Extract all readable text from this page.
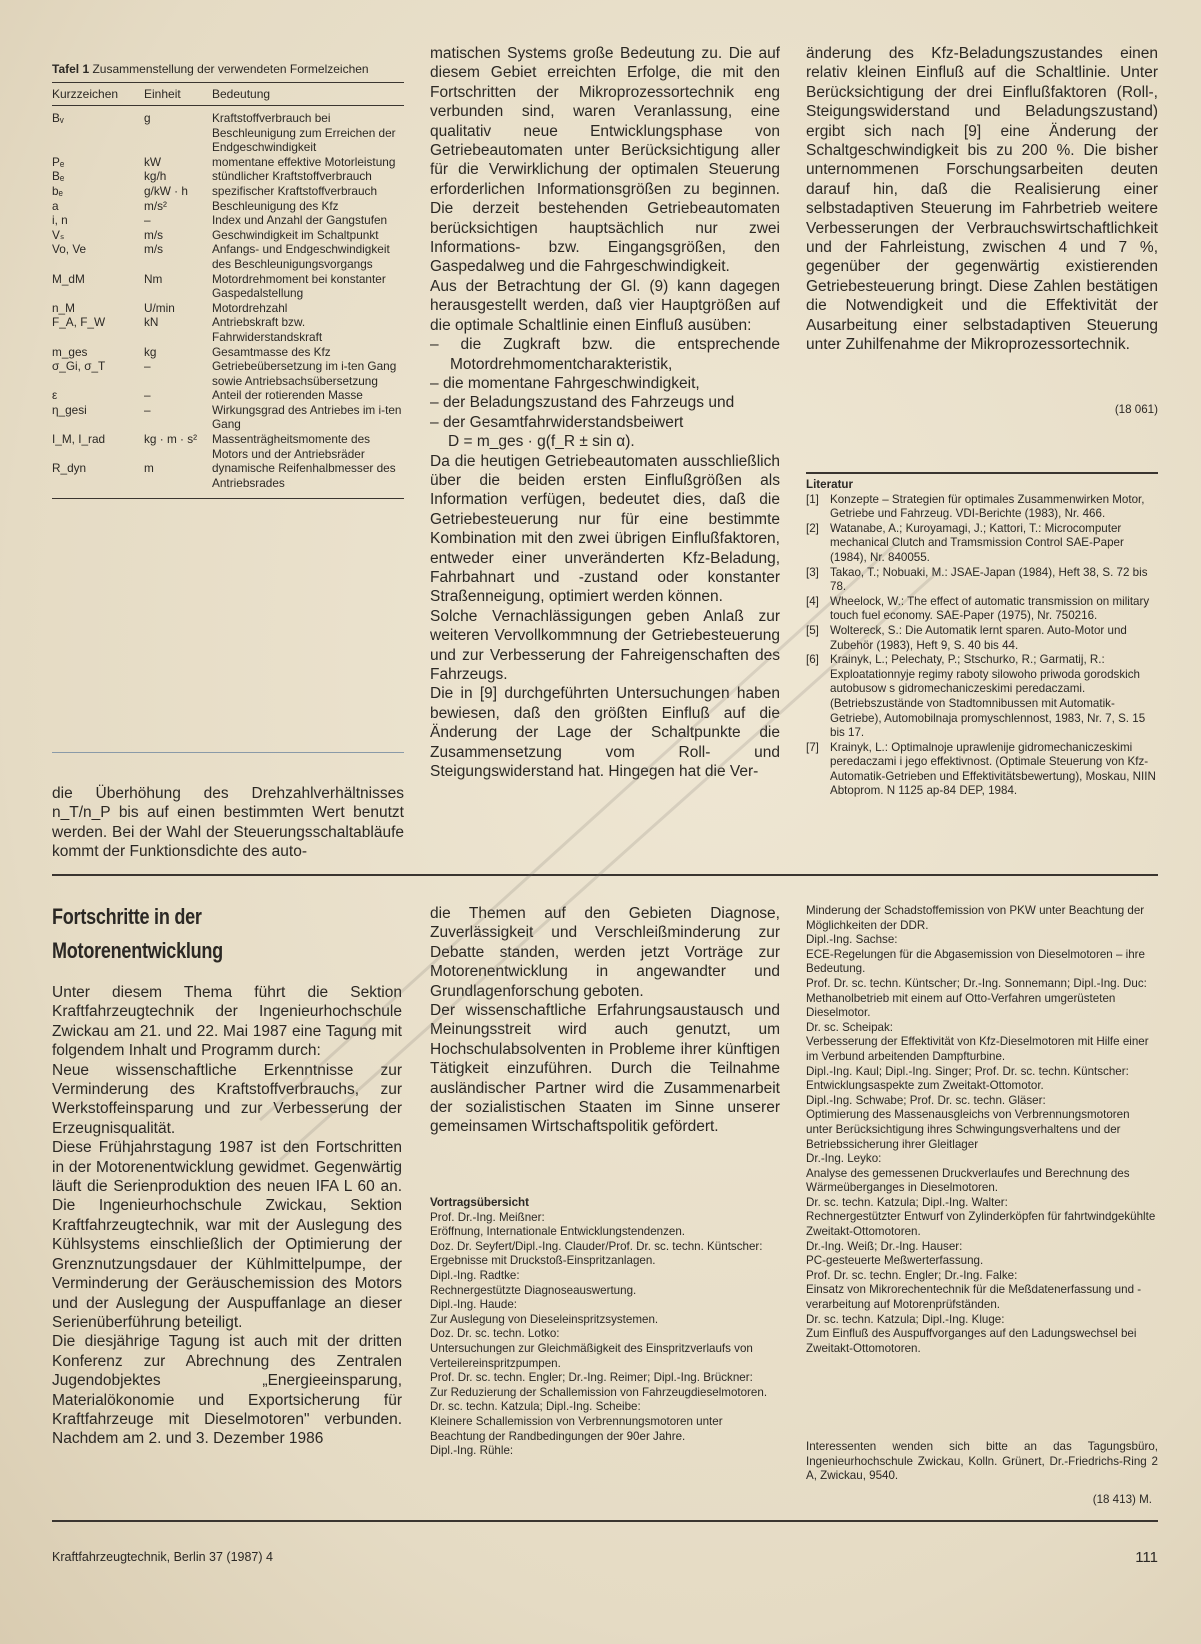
Tafel 1 Zusammenstellung der verwendeten Formelzeichen
Kurzzeichen	Einheit	Bedeutung
Bᵥ	g	Kraftstoffverbrauch bei Beschleunigung zum Erreichen der Endgeschwindigkeit
Pₑ	kW	momentane effektive Motorleistung
Bₑ	kg/h	stündlicher Kraftstoffverbrauch
bₑ	g/kW · h	spezifischer Kraftstoffverbrauch
a	m/s²	Beschleunigung des Kfz
i, n	–	Index und Anzahl der Gangstufen
Vₛ	m/s	Geschwindigkeit im Schaltpunkt
Vo, Ve	m/s	Anfangs- und Endgeschwindigkeit des Beschleunigungsvorgangs
M_dM	Nm	Motordrehmoment bei konstanter Gaspedalstellung
n_M	U/min	Motordrehzahl
F_A, F_W	kN	Antriebskraft bzw. Fahrwiderstandskraft
m_ges	kg	Gesamtmasse des Kfz
σ_Gi, σ_T	–	Getriebeübersetzung im i-ten Gang sowie Antriebsachsübersetzung
ε	–	Anteil der rotierenden Masse
η_gesi	–	Wirkungsgrad des Antriebes im i-ten Gang
I_M, I_rad	kg · m · s²	Massenträgheitsmomente des Motors und der Antriebsräder
R_dyn	m	dynamische Reifenhalbmesser des Antriebsrades
die Überhöhung des Drehzahlverhältnisses n_T/n_P bis auf einen bestimmten Wert benutzt werden. Bei der Wahl der Steuerungsschaltabläufe kommt der Funktionsdichte des auto-
matischen Systems große Bedeutung zu. Die auf diesem Gebiet erreichten Erfolge, die mit den Fortschritten der Mikroprozessortechnik eng verbunden sind, waren Veranlassung, eine qualitativ neue Entwicklungsphase von Getriebeautomaten unter Berücksichtigung aller für die Verwirklichung der optimalen Steuerung erforderlichen Informationsgrößen zu beginnen. Die derzeit bestehenden Getriebeautomaten berücksichtigen hauptsächlich nur zwei Informations- bzw. Eingangsgrößen, den Gaspedalweg und die Fahrgeschwindigkeit.
Aus der Betrachtung der Gl. (9) kann dagegen herausgestellt werden, daß vier Hauptgrößen auf die optimale Schaltlinie einen Einfluß ausüben:
– die Zugkraft bzw. die entsprechende Motordrehmomentcharakteristik,
– die momentane Fahrgeschwindigkeit,
– der Beladungszustand des Fahrzeugs und
– der Gesamtfahrwiderstandsbeiwert
D = m_ges · g(f_R ± sin α).
Da die heutigen Getriebeautomaten ausschließlich über die beiden ersten Einflußgrößen als Information verfügen, bedeutet dies, daß die Getriebesteuerung nur für eine bestimmte Kombination mit den zwei übrigen Einflußfaktoren, entweder einer unveränderten Kfz-Beladung, Fahrbahnart und -zustand oder konstanter Straßenneigung, optimiert werden können.
Solche Vernachlässigungen geben Anlaß zur weiteren Vervollkommnung der Getriebesteuerung und zur Verbesserung der Fahreigenschaften des Fahrzeugs.
Die in [9] durchgeführten Untersuchungen haben bewiesen, daß den größten Einfluß auf die Änderung der Lage der Schaltpunkte die Zusammensetzung vom Roll- und Steigungswiderstand hat. Hingegen hat die Ver-
änderung des Kfz-Beladungszustandes einen relativ kleinen Einfluß auf die Schaltlinie. Unter Berücksichtigung der drei Einflußfaktoren (Roll-, Steigungswiderstand und Beladungszustand) ergibt sich nach [9] eine Änderung der Schaltgeschwindigkeit bis zu 200 %. Die bisher unternommenen Forschungsarbeiten deuten darauf hin, daß die Realisierung einer selbstadaptiven Steuerung im Fahrbetrieb weitere Verbesserungen der Verbrauchswirtschaftlichkeit und der Fahrleistung, zwischen 4 und 7 %, gegenüber der gegenwärtig existierenden Getriebesteuerung bringt. Diese Zahlen bestätigen die Notwendigkeit und die Effektivität der Ausarbeitung einer selbstadaptiven Steuerung unter Zuhilfenahme der Mikroprozessortechnik.
(18 061)
Literatur
[1] Konzepte – Strategien für optimales Zusammenwirken Motor, Getriebe und Fahrzeug. VDI-Berichte (1983), Nr. 466.
[2] Watanabe, A.; Kuroyamagi, J.; Kattori, T.: Microcomputer mechanical Clutch and Tramsmission Control SAE-Paper (1984), Nr. 840055.
[3] Takao, T.; Nobuaki, M.: JSAE-Japan (1984), Heft 38, S. 72 bis 78.
[4] Wheelock, W.: The effect of automatic transmission on military touch fuel economy. SAE-Paper (1975), Nr. 750216.
[5] Woltereck, S.: Die Automatik lernt sparen. Auto-Motor und Zubehör (1983), Heft 9, S. 40 bis 44.
[6] Krainyk, L.; Pelechaty, P.; Stschurko, R.; Garmatij, R.: Exploatationnyje regimy raboty silowoho priwoda gorodskich autobusow s gidromechaniczeskimi peredaczami. (Betriebszustände von Stadtomnibussen mit Automatik-Getriebe), Automobilnaja promyschlennost, 1983, Nr. 7, S. 15 bis 17.
[7] Krainyk, L.: Optimalnoje uprawlenije gidromechaniczeskimi peredaczami i jego effektivnost. (Optimale Steuerung von Kfz-Automatik-Getrieben und Effektivitätsbewertung), Moskau, NIIN Abtoprom. N 1125 ap-84 DEP, 1984.
Fortschritte in der
Motorenentwicklung
Unter diesem Thema führt die Sektion Kraftfahrzeugtechnik der Ingenieurhochschule Zwickau am 21. und 22. Mai 1987 eine Tagung mit folgendem Inhalt und Programm durch:
Neue wissenschaftliche Erkenntnisse zur Verminderung des Kraftstoffverbrauchs, zur Werkstoffeinsparung und zur Verbesserung der Erzeugnisqualität.
Diese Frühjahrstagung 1987 ist den Fortschritten in der Motorenentwicklung gewidmet. Gegenwärtig läuft die Serienproduktion des neuen IFA L 60 an. Die Ingenieurhochschule Zwickau, Sektion Kraftfahrzeugtechnik, war mit der Auslegung des Kühlsystems einschließlich der Optimierung der Grenznutzungsdauer der Kühlmittelpumpe, der Verminderung der Geräuschemission des Motors und der Auslegung der Auspuffanlage an dieser Serienüberführung beteiligt.
Die diesjährige Tagung ist auch mit der dritten Konferenz zur Abrechnung des Zentralen Jugendobjektes „Energieeinsparung, Materialökonomie und Exportsicherung für Kraftfahrzeuge mit Dieselmotoren" verbunden. Nachdem am 2. und 3. Dezember 1986
die Themen auf den Gebieten Diagnose, Zuverlässigkeit und Verschleißminderung zur Debatte standen, werden jetzt Vorträge zur Motorenentwicklung in angewandter und Grundlagenforschung geboten.
Der wissenschaftliche Erfahrungsaustausch und Meinungsstreit wird auch genutzt, um Hochschulabsolventen in Probleme ihrer künftigen Tätigkeit einzuführen. Durch die Teilnahme ausländischer Partner wird die Zusammenarbeit der sozialistischen Staaten im Sinne unserer gemeinsamen Wirtschaftspolitik gefördert.
Vortragsübersicht
Prof. Dr.-Ing. Meißner:
Eröffnung, Internationale Entwicklungstendenzen.
Doz. Dr. Seyfert/Dipl.-Ing. Clauder/Prof. Dr. sc. techn. Küntscher: Ergebnisse mit Druckstoß-Einspritzanlagen.
Dipl.-Ing. Radtke:
Rechnergestützte Diagnoseauswertung.
Dipl.-Ing. Haude:
Zur Auslegung von Dieseleinspritzsystemen.
Doz. Dr. sc. techn. Lotko:
Untersuchungen zur Gleichmäßigkeit des Einspritzverlaufs von Verteilereinspritzpumpen.
Prof. Dr. sc. techn. Engler; Dr.-Ing. Reimer; Dipl.-Ing. Brückner:
Zur Reduzierung der Schallemission von Fahrzeugdieselmotoren.
Dr. sc. techn. Katzula; Dipl.-Ing. Scheibe:
Kleinere Schallemission von Verbrennungsmotoren unter Beachtung der Randbedingungen der 90er Jahre.
Dipl.-Ing. Rühle:
Minderung der Schadstoffemission von PKW unter Beachtung der Möglichkeiten der DDR.
Dipl.-Ing. Sachse:
ECE-Regelungen für die Abgasemission von Dieselmotoren – ihre Bedeutung.
Prof. Dr. sc. techn. Küntscher; Dr.-Ing. Sonnemann; Dipl.-Ing. Duc:
Methanolbetrieb mit einem auf Otto-Verfahren umgerüsteten Dieselmotor.
Dr. sc. Scheipak:
Verbesserung der Effektivität von Kfz-Dieselmotoren mit Hilfe einer im Verbund arbeitenden Dampfturbine.
Dipl.-Ing. Kaul; Dipl.-Ing. Singer; Prof. Dr. sc. techn. Küntscher:
Entwicklungsaspekte zum Zweitakt-Ottomotor.
Dipl.-Ing. Schwabe; Prof. Dr. sc. techn. Gläser:
Optimierung des Massenausgleichs von Verbrennungsmotoren unter Berücksichtigung ihres Schwingungsverhaltens und der Betriebssicherung ihrer Gleitlager
Dr.-Ing. Leyko:
Analyse des gemessenen Druckverlaufes und Berechnung des Wärmeüberganges in Dieselmotoren.
Dr. sc. techn. Katzula; Dipl.-Ing. Walter:
Rechnergestützter Entwurf von Zylinderköpfen für fahrtwindgekühlte Zweitakt-Ottomotoren.
Dr.-Ing. Weiß; Dr.-Ing. Hauser:
PC-gesteuerte Meßwerterfassung.
Prof. Dr. sc. techn. Engler; Dr.-Ing. Falke:
Einsatz von Mikrorechentechnik für die Meßdatenerfassung und -verarbeitung auf Motorenprüfständen.
Dr. sc. techn. Katzula; Dipl.-Ing. Kluge:
Zum Einfluß des Auspuffvorganges auf den Ladungswechsel bei Zweitakt-Ottomotoren.
Interessenten wenden sich bitte an das Tagungsbüro, Ingenieurhochschule Zwickau, Kolln. Grünert, Dr.-Friedrichs-Ring 2 A, Zwickau, 9540.
(18 413) M.
Kraftfahrzeugtechnik, Berlin 37 (1987) 4	111
